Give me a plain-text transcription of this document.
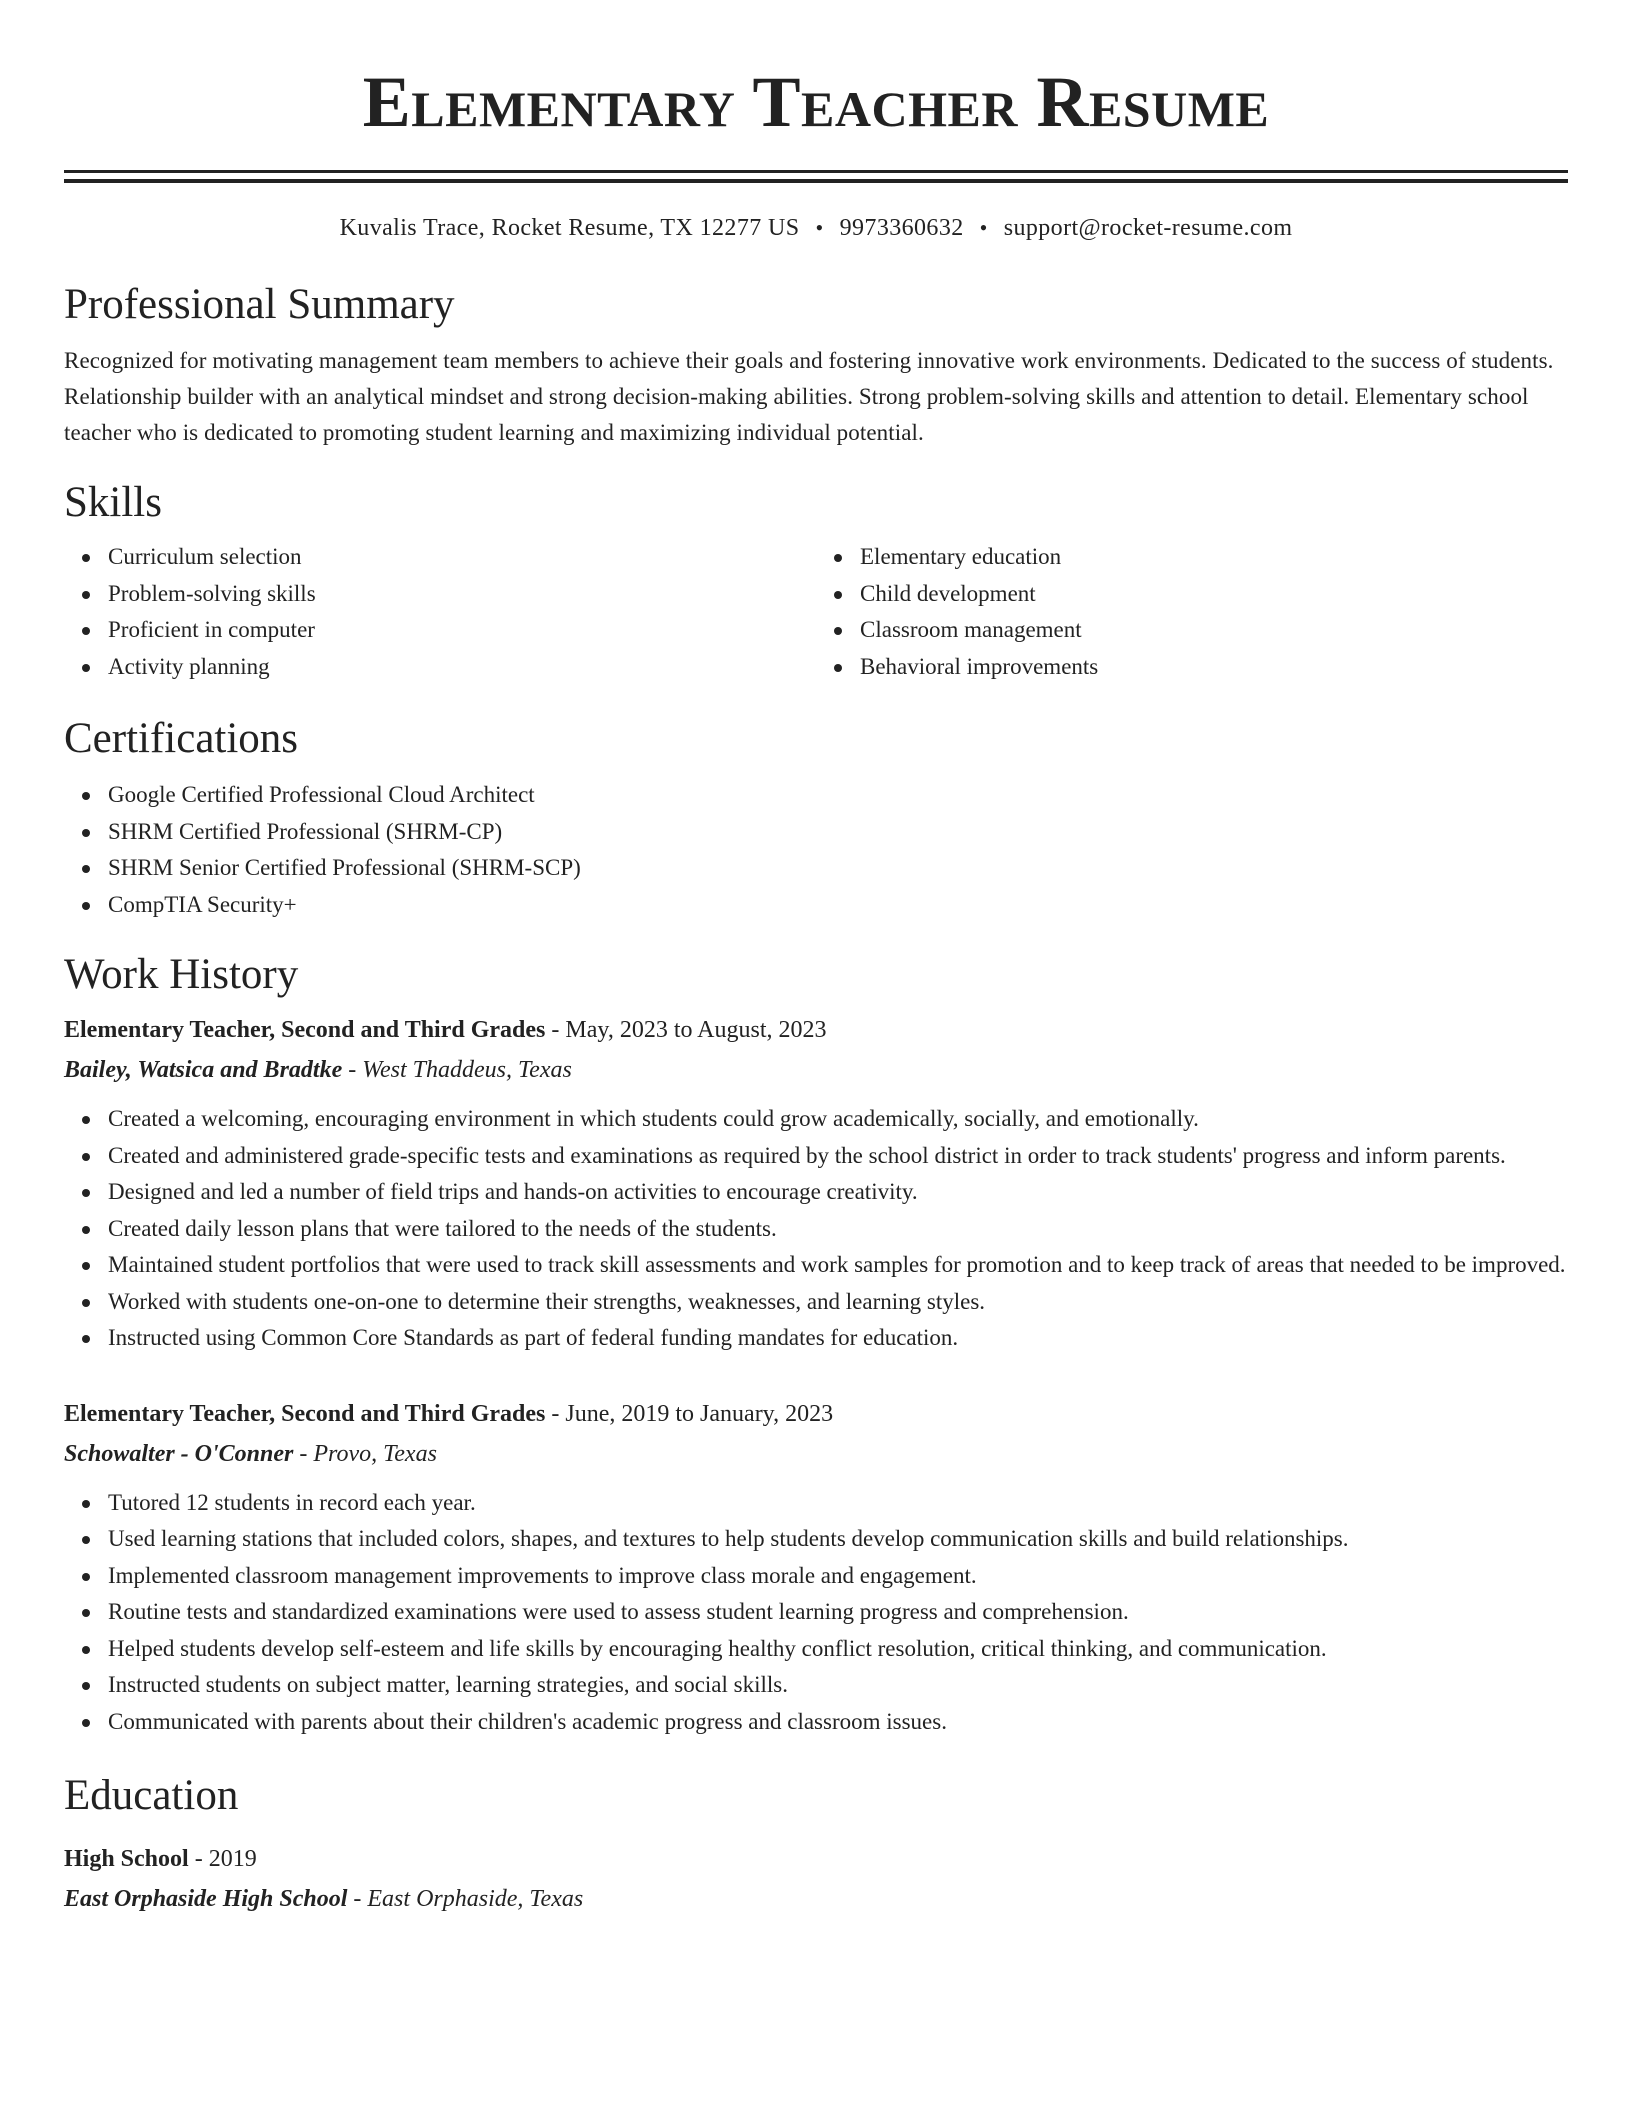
Elementary Teacher Resume
Kuvalis Trace, Rocket Resume, TX 12277 US • 9973360632 • support@rocket-resume.com
Professional Summary

Recognized for motivating management team members to achieve their goals and fostering innovative work environments. Dedicated to the success of students. Relationship builder with an analytical mindset and strong decision-making abilities. Strong problem-solving skills and attention to detail. Elementary school teacher who is dedicated to promoting student learning and maximizing individual potential.

Skills
Curriculum selection
Problem-solving skills
Proficient in computer
Activity planning
Elementary education
Child development
Classroom management
Behavioral improvements
Certifications
Google Certified Professional Cloud Architect
SHRM Certified Professional (SHRM-CP)
SHRM Senior Certified Professional (SHRM-SCP)
CompTIA Security+
Work History
Elementary Teacher, Second and Third Grades - May, 2023 to August, 2023
Bailey, Watsica and Bradtke - West Thaddeus, Texas
Created a welcoming, encouraging environment in which students could grow academically, socially, and emotionally.
Created and administered grade-specific tests and examinations as required by the school district in order to track students' progress and inform parents.
Designed and led a number of field trips and hands-on activities to encourage creativity.
Created daily lesson plans that were tailored to the needs of the students.
Maintained student portfolios that were used to track skill assessments and work samples for promotion and to keep track of areas that needed to be improved.
Worked with students one-on-one to determine their strengths, weaknesses, and learning styles.
Instructed using Common Core Standards as part of federal funding mandates for education.
Elementary Teacher, Second and Third Grades - June, 2019 to January, 2023
Schowalter - O'Conner - Provo, Texas
Tutored 12 students in record each year.
Used learning stations that included colors, shapes, and textures to help students develop communication skills and build relationships.
Implemented classroom management improvements to improve class morale and engagement.
Routine tests and standardized examinations were used to assess student learning progress and comprehension.
Helped students develop self-esteem and life skills by encouraging healthy conflict resolution, critical thinking, and communication.
Instructed students on subject matter, learning strategies, and social skills.
Communicated with parents about their children's academic progress and classroom issues.
Education
High School - 2019
East Orphaside High School - East Orphaside, Texas
